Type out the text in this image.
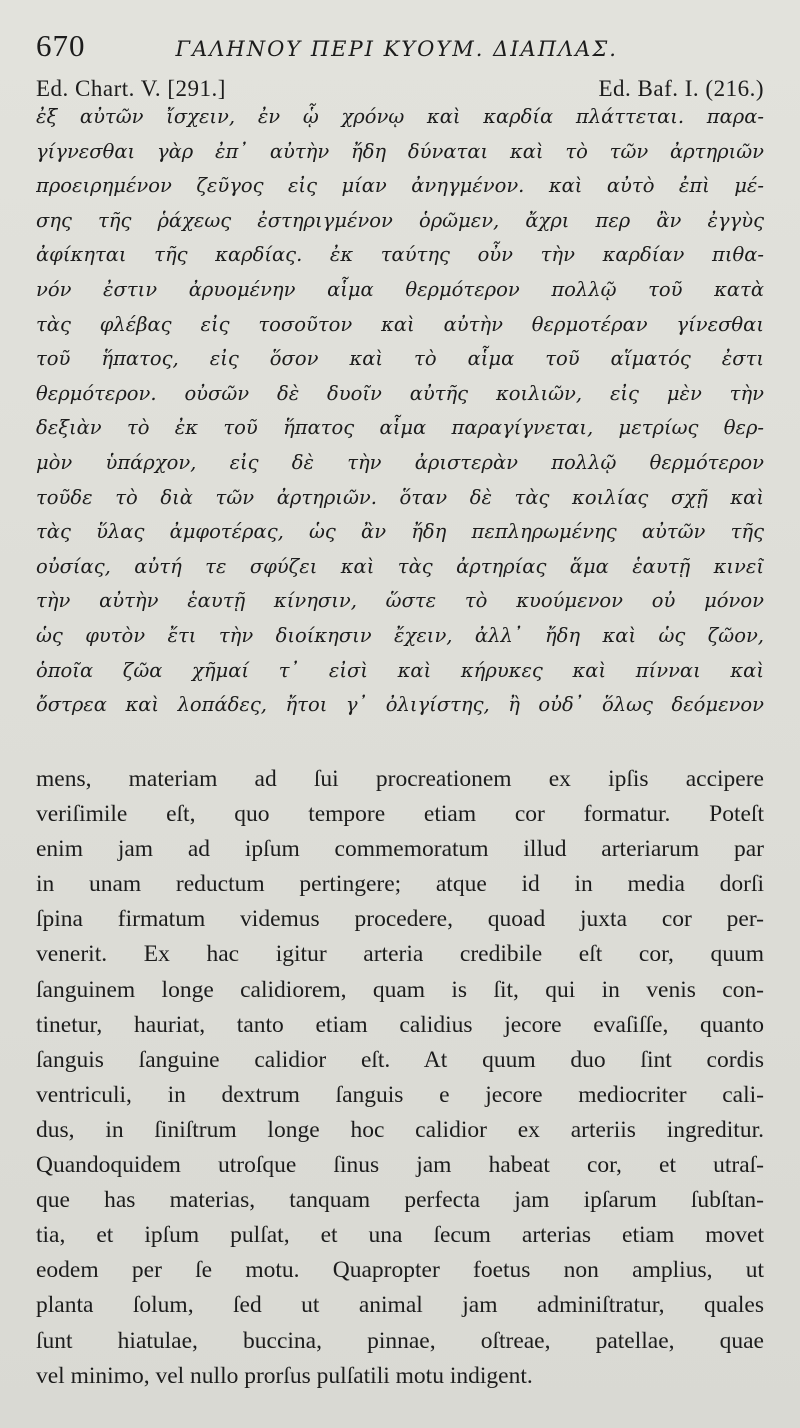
670	ΓΑΛΗΝΟΥ ΠΕΡΙ ΚΥΟΥΜ. ΔΙΑΠΛΑΣ.
Ed. Chart. V. [291.]	Ed. Baf. I. (216.)
ἐξ αὐτῶν ἴσχειν, ἐν ᾧ χρόνῳ καὶ καρδία πλάττεται. παρα-
γίγνεσθαι γὰρ ἐπ᾽ αὐτὴν ἤδη δύναται καὶ τὸ τῶν ἀρτηριῶν
προειρημένον ζεῦγος εἰς μίαν ἀνηγμένον. καὶ αὐτὸ ἐπὶ μέ-
σης τῆς ῥάχεως ἐστηριγμένον ὁρῶμεν, ἄχρι περ ἂν ἐγγὺς
ἀφίκηται τῆς καρδίας. ἐκ ταύτης οὖν τὴν καρδίαν πιθα-
νόν ἐστιν ἀρυομένην αἷμα θερμότερον πολλῷ τοῦ κατὰ
τὰς φλέβας εἰς τοσοῦτον καὶ αὐτὴν θερμοτέραν γίνεσθαι
τοῦ ἥπατος, εἰς ὅσον καὶ τὸ αἷμα τοῦ αἵματός ἐστι
θερμότερον. οὐσῶν δὲ δυοῖν αὐτῆς κοιλιῶν, εἰς μὲν τὴν
δεξιὰν τὸ ἐκ τοῦ ἥπατος αἷμα παραγίγνεται, μετρίως θερ-
μὸν ὑπάρχον, εἰς δὲ τὴν ἀριστερὰν πολλῷ θερμότερον
τοῦδε τὸ διὰ τῶν ἀρτηριῶν. ὅταν δὲ τὰς κοιλίας σχῇ καὶ
τὰς ὕλας ἀμφοτέρας, ὡς ἂν ἤδη πεπληρωμένης αὐτῶν τῆς
οὐσίας, αὐτή τε σφύζει καὶ τὰς ἀρτηρίας ἅμα ἑαυτῇ κινεῖ
τὴν αὐτὴν ἑαυτῇ κίνησιν, ὥστε τὸ κυούμενον οὐ μόνον
ὡς φυτὸν ἔτι τὴν διοίκησιν ἔχειν, ἀλλ᾽ ἤδη καὶ ὡς ζῶον,
ὁποῖα ζῶα χῆμαί τ᾽ εἰσὶ καὶ κήρυκες καὶ πίνναι καὶ
ὄστρεα καὶ λοπάδες, ἤτοι γ᾽ ὀλιγίστης, ἢ οὐδ᾽ ὅλως δεόμενον
mens, materiam ad ſui procreationem ex ipſis accipere
veriſimile eſt, quo tempore etiam cor formatur. Poteſt
enim jam ad ipſum commemoratum illud arteriarum par
in unam reductum pertingere; atque id in media dorſi
ſpina firmatum videmus procedere, quoad juxta cor per-
venerit. Ex hac igitur arteria credibile eſt cor, quum
ſanguinem longe calidiorem, quam is ſit, qui in venis con-
tinetur, hauriat, tanto etiam calidius jecore evaſiſſe, quanto
ſanguis ſanguine calidior eſt. At quum duo ſint cordis
ventriculi, in dextrum ſanguis e jecore mediocriter cali-
dus, in ſiniſtrum longe hoc calidior ex arteriis ingreditur.
Quandoquidem utroſque ſinus jam habeat cor, et utraſ-
que has materias, tanquam perfecta jam ipſarum ſubſtan-
tia, et ipſum pulſat, et una ſecum arterias etiam movet
eodem per ſe motu. Quapropter foetus non amplius, ut
planta ſolum, ſed ut animal jam adminiſtratur, quales
ſunt hiatulae, buccina, pinnae, oſtreae, patellae, quae
vel minimo, vel nullo prorſus pulſatili motu indigent.
